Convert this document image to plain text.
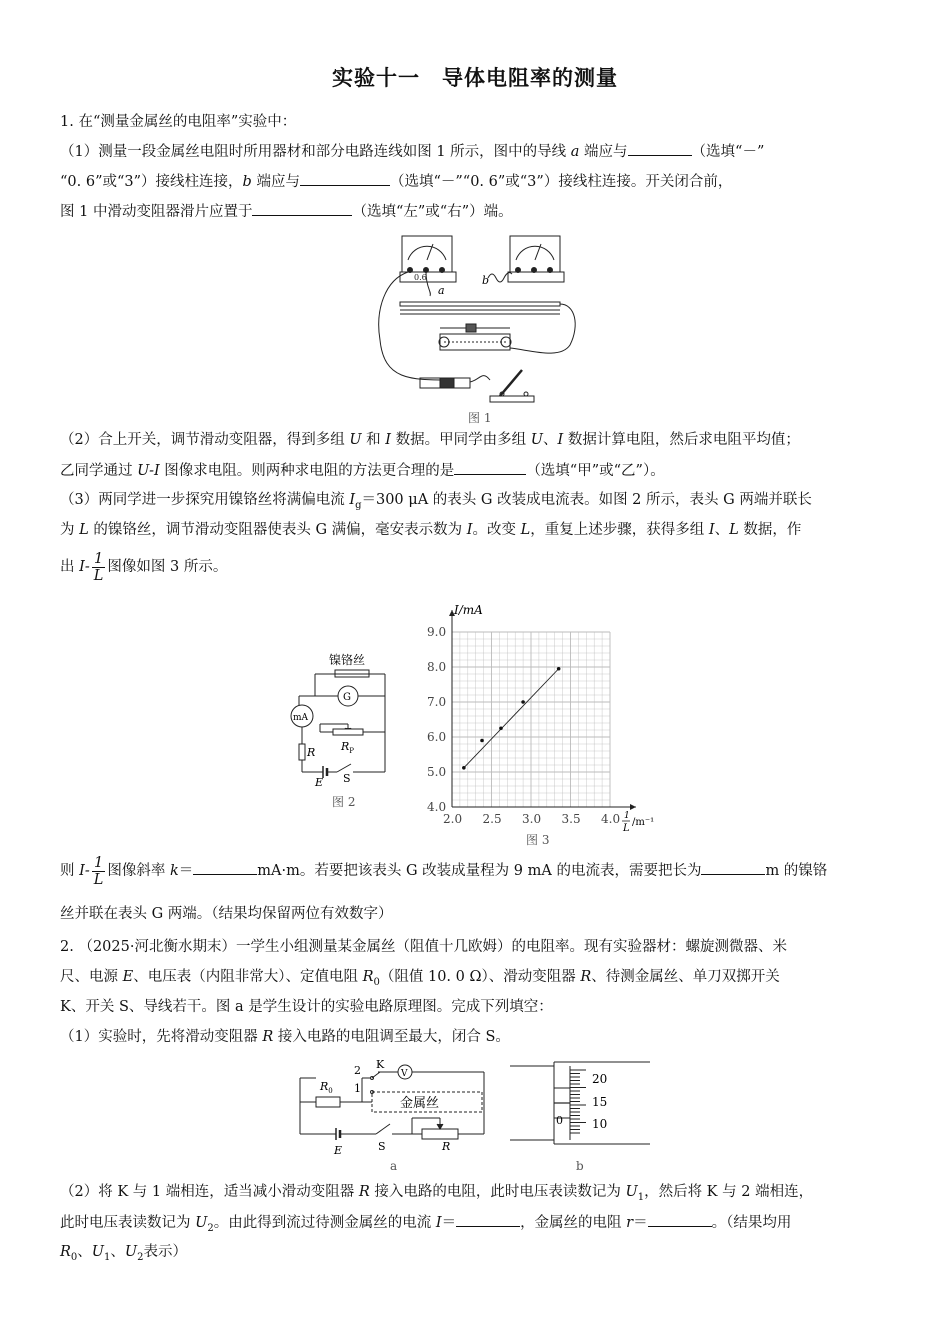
实验十一　导体电阻率的测量
1. 在“测量金属丝的电阻率”实验中：
（1）测量一段金属丝电阻时所用器材和部分电路连线如图 1 所示，图中的导线 a 端应与	（选填“－”
“0. 6”或“3”）接线柱连接，b 端应与	（选填“－”“0. 6”或“3”）接线柱连接。开关闭合前，
图 1 中滑动变阻器滑片应置于	（选填“左”或“右”）端。
0.6
a
b
图 1
（2）合上开关，调节滑动变阻器，得到多组 U 和 I 数据。甲同学由多组 U、I 数据计算电阻，然后求电阻平均值；
乙同学通过 U-I 图像求电阻。则两种求电阻的方法更合理的是	（选填“甲”或“乙”）。
（3）两同学进一步探究用镍铬丝将满偏电流 $I_g=300$ μA 的表头 G 改装成电流表。如图 2 所示，表头 G 两端并联长
为 L 的镍铬丝，调节滑动变阻器使表头 G 满偏，毫安表示数为 I。改变 L，重复上述步骤，获得多组 I、L 数据，作
出 $I- \frac{1}{L}$ 图像如图 3 所示。
镍铬丝
G
mA
R $R_P$
E S
图 2
2.0 2.5 3.0 3.5 4.0
4.0
5.0
6.0
7.0
8.0
9.0
I/mA
1
L
/m⁻¹
图 3
则 $I- \frac{1}{L}$ 图像斜率 k＝	mA·m。若要把该表头 G 改装成量程为 9 mA 的电流表，需要把长为	m 的镍铬
丝并联在表头 G 两端。（结果均保留两位有效数字）
2. （2025·河北衡水期末）一学生小组测量某金属丝（阻值十几欧姆）的电阻率。现有实验器材：螺旋测微器、米
尺、电源 E、电压表（内阻非常大）、定值电阻 $R_0$（阻值 10. 0 Ω）、滑动变阻器 R、待测金属丝、单刀双掷开关
K、开关 S、导线若干。图 a 是学生设计的实验电路原理图。完成下列填空：
（1）实验时，先将滑动变阻器 R 接入电路的电阻调至最大，闭合 S。
2
1
K
V
$R_0$
金属丝
E	S	R
a
0
20
15
10
b
（2）将 K 与 1 端相连，适当减小滑动变阻器 R 接入电路的电阻，此时电压表读数记为 $U_1$，然后将 K 与 2 端相连，
此时电压表读数记为 $U_2$。由此得到流过待测金属丝的电流 I＝	，金属丝的电阻 r＝	。（结果均用
$R_0$、$U_1$、$U_2$表示）
